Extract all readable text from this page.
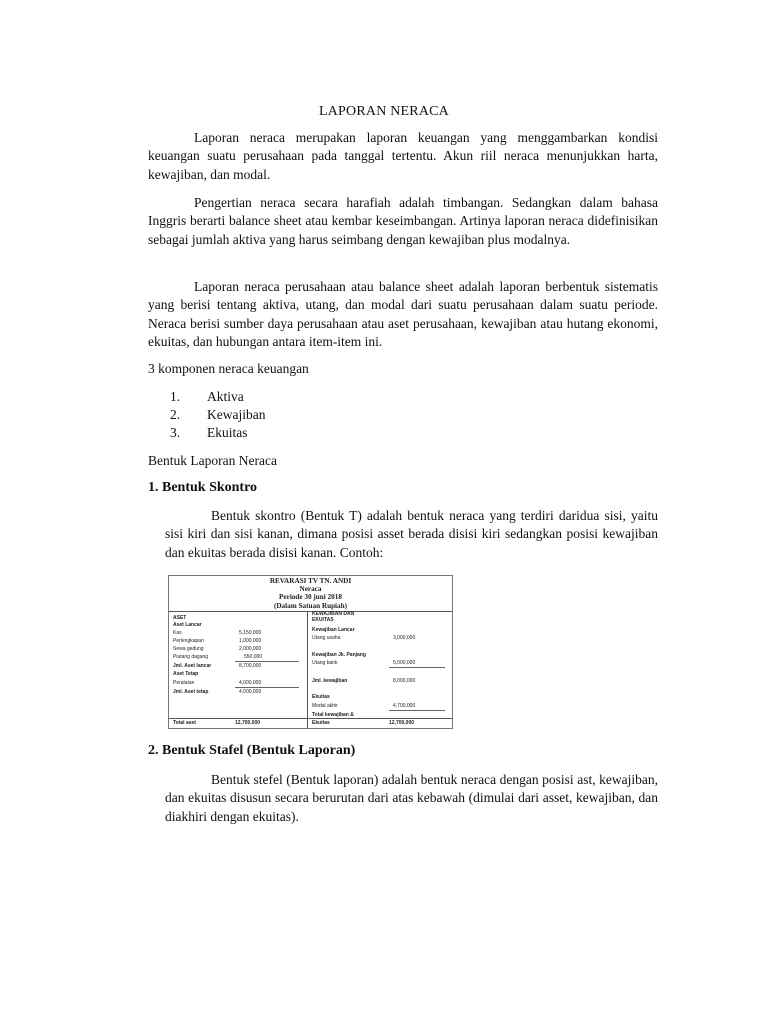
LAPORAN NERACA

Laporan neraca merupakan laporan keuangan yang menggambarkan kondisi keuangan suatu perusahaan pada tanggal tertentu. Akun riil neraca menunjukkan harta, kewajiban, dan modal.

Pengertian neraca secara harafiah adalah timbangan. Sedangkan dalam bahasa Inggris berarti balance sheet atau kembar keseimbangan. Artinya laporan neraca didefinisikan sebagai jumlah aktiva yang harus seimbang dengan kewajiban plus modalnya.

Laporan neraca perusahaan atau balance sheet adalah laporan berbentuk sistematis yang berisi tentang aktiva, utang, dan modal dari suatu perusahaan dalam suatu periode. Neraca berisi sumber daya perusahaan atau aset perusahaan, kewajiban atau hutang ekonomi, ekuitas, dan hubungan antara item-item ini.

3 komponen neraca keuangan

1.	Aktiva
2.	Kewajiban
3.	Ekuitas

Bentuk Laporan Neraca

1. Bentuk Skontro

Bentuk skontro (Bentuk T) adalah bentuk neraca yang terdiri daridua sisi, yaitu sisi kiri dan sisi kanan, dimana posisi asset berada disisi kiri sedangkan posisi kewajiban dan ekuitas berada disisi kanan. Contoh:

REVARASI TV TN. ANDI
Neraca
Periode 30 juni 2018
(Dalam Satuan Rupiah)
ASET
Aset Lancar
Kas	5,150,000
Perlengkapan	1,000,000
Sewa gedung	2,000,000
Piutang dagang	550,000
Jml. Aset lancar	8,700,000
Aset Tetap
Peralatan	4,000,000
Jml. Aset tetap	4,000,000
Total aset	12,700,000
KEWAJIBAN DAN
EKUITAS
Kewajiban Lancar
Utang usaha	3,000,000
Kewajiban Jk. Panjang
Utang bank	5,000,000
Jml. kewajiban	8,000,000
Ekuitas
Modal akhir	4,700,000
Total kewajiban &
Ekuitas	12,700,000

2. Bentuk Stafel (Bentuk Laporan)

Bentuk stefel (Bentuk laporan) adalah bentuk neraca dengan posisi ast, kewajiban, dan ekuitas disusun secara berurutan dari atas kebawah (dimulai dari asset, kewajiban, dan diakhiri dengan ekuitas).
